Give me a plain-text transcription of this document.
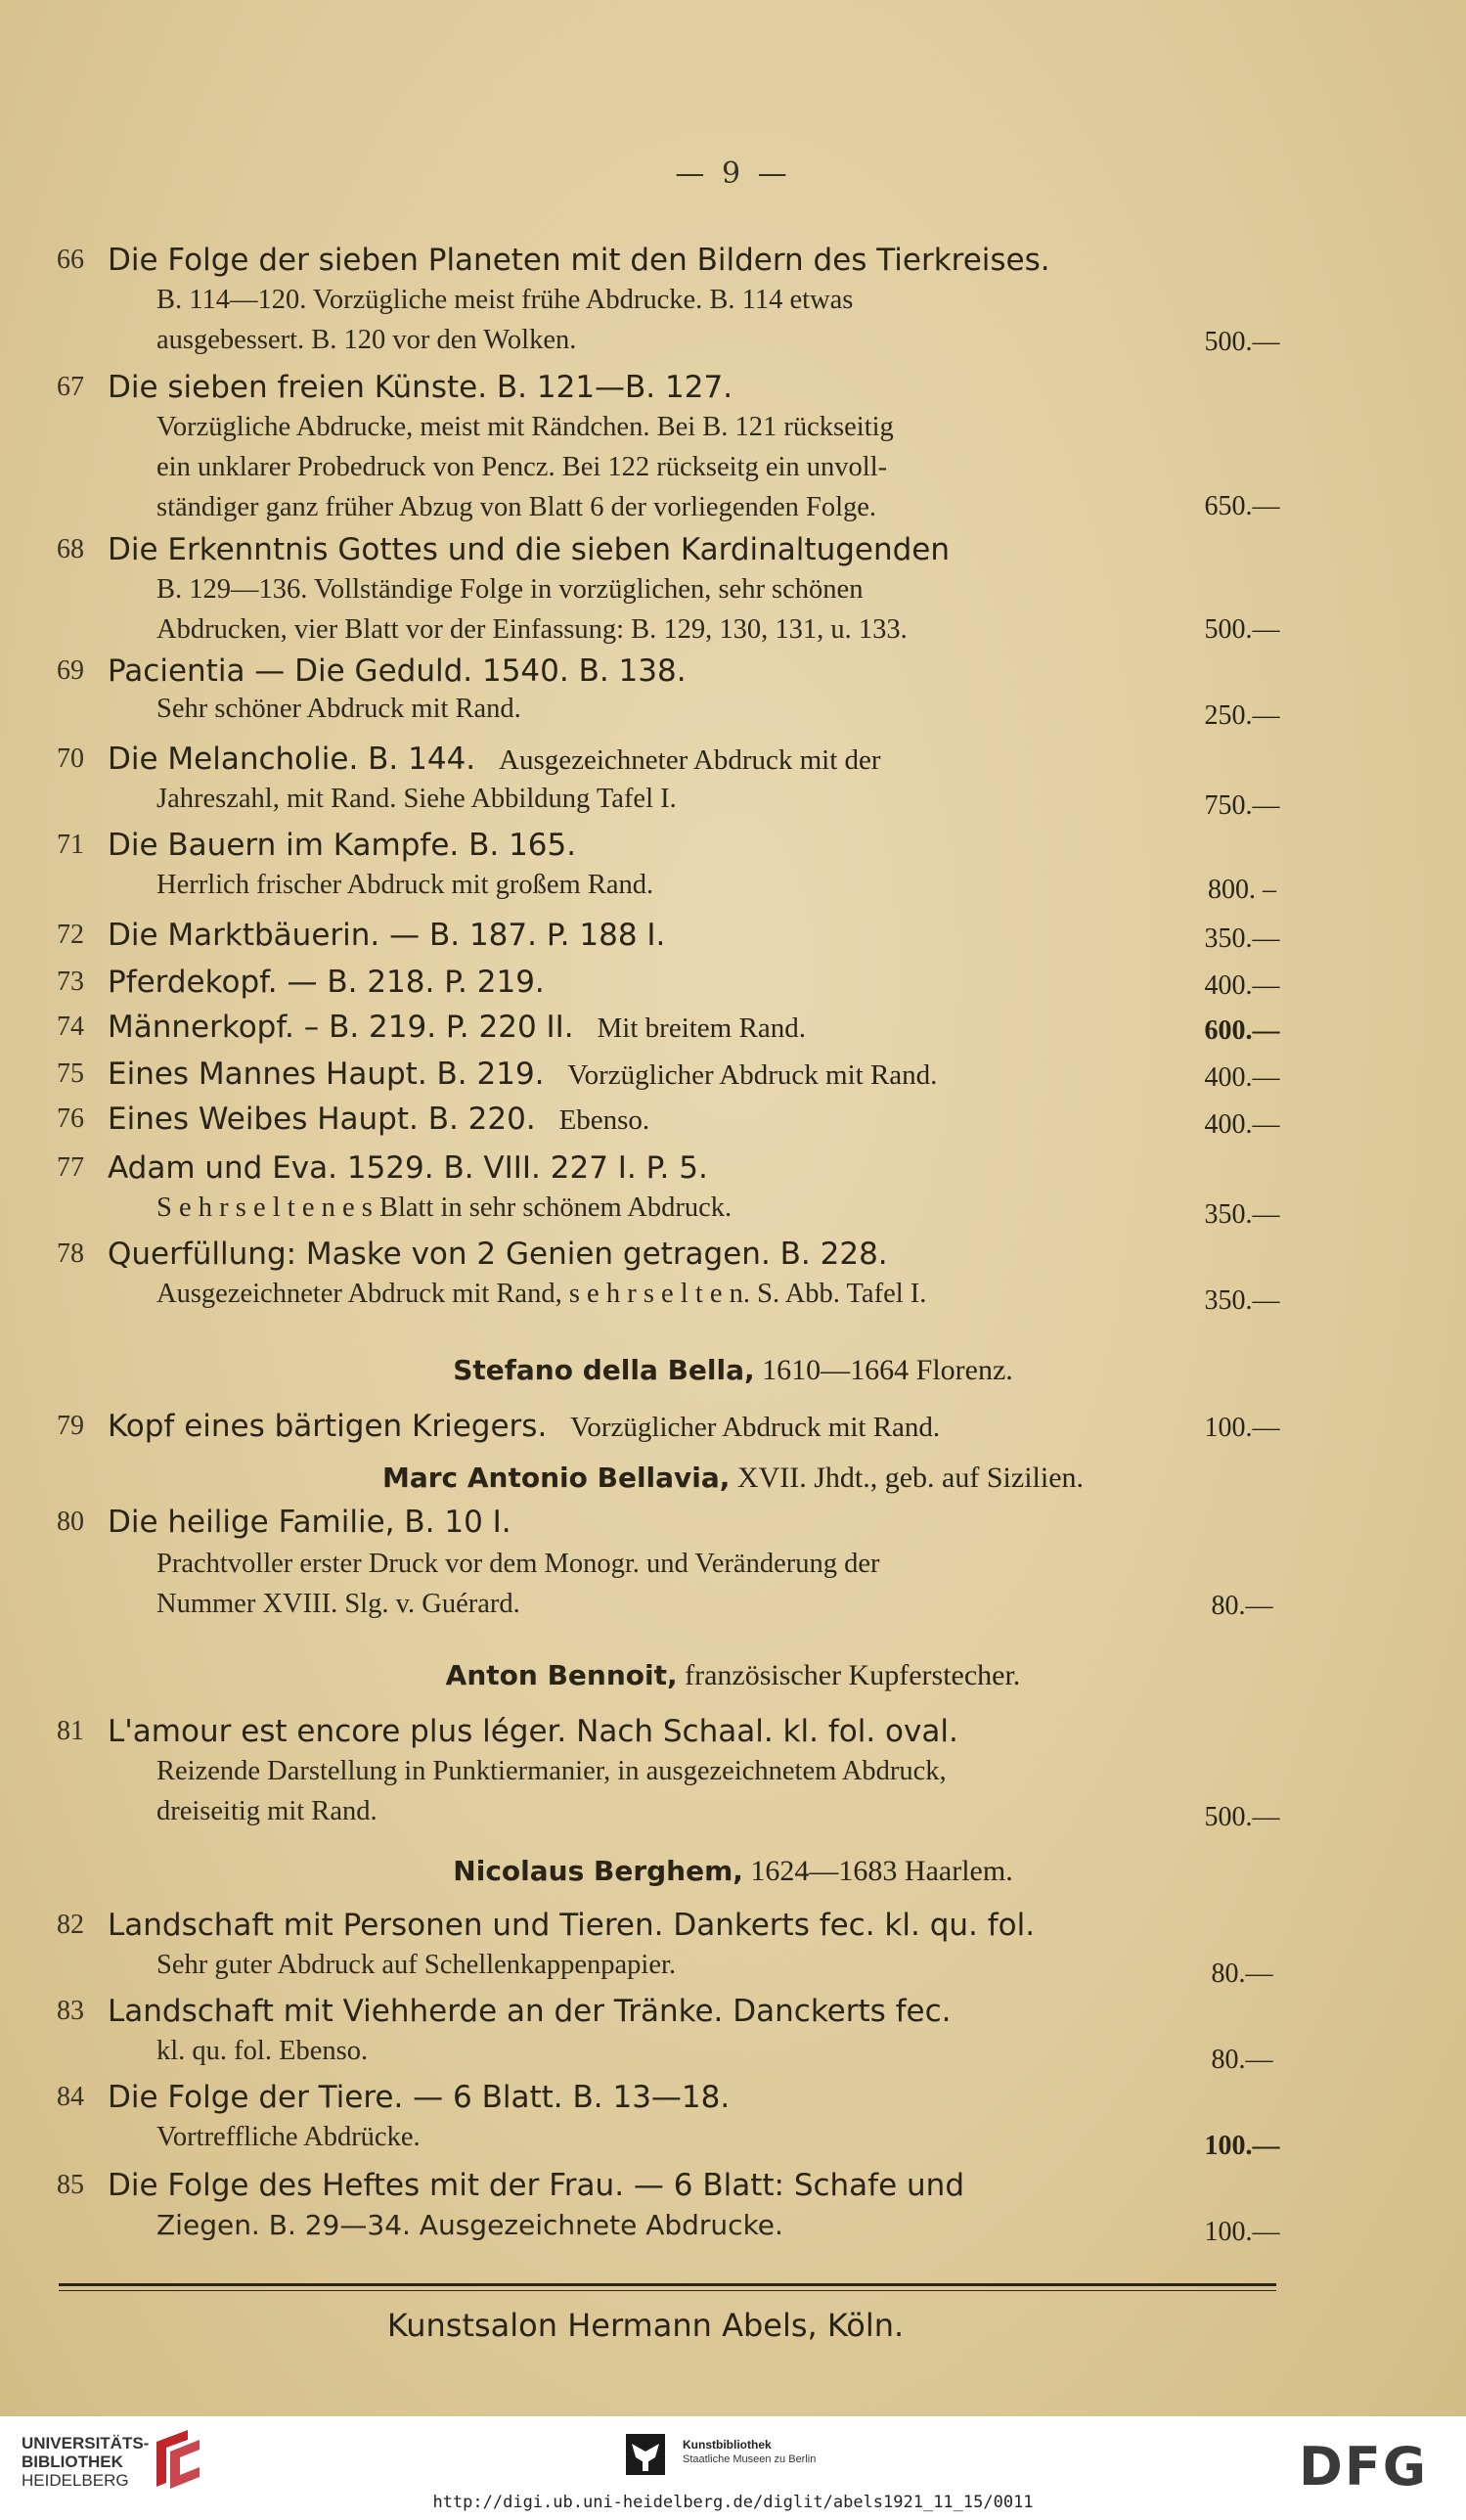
— 9 —
66 Die Folge der sieben Planeten mit den Bildern des Tierkreises.
B. 114—120. Vorzügliche meist frühe Abdrucke. B. 114 etwas
ausgebessert. B. 120 vor den Wolken.	500.—
67 Die sieben freien Künste. B. 121—B. 127.
Vorzügliche Abdrucke, meist mit Rändchen. Bei B. 121 rückseitig
ein unklarer Probedruck von Pencz. Bei 122 rückseitg ein unvoll-
ständiger ganz früher Abzug von Blatt 6 der vorliegenden Folge.	650.—
68 Die Erkenntnis Gottes und die sieben Kardinaltugenden
B. 129—136. Vollständige Folge in vorzüglichen, sehr schönen
Abdrucken, vier Blatt vor der Einfassung: B. 129, 130, 131, u. 133.	500.—
69 Pacientia — Die Geduld. 1540. B. 138.
Sehr schöner Abdruck mit Rand.	250.—
70 Die Melancholie. B. 144. Ausgezeichneter Abdruck mit der
Jahreszahl, mit Rand. Siehe Abbildung Tafel I.	750.—
71 Die Bauern im Kampfe. B. 165.
Herrlich frischer Abdruck mit großem Rand.	800. –
72 Die Marktbäuerin. — B. 187. P. 188 I.	350.—
73 Pferdekopf. — B. 218. P. 219.	400.—
74 Männerkopf. – B. 219. P. 220 II. Mit breitem Rand.	600.—
75 Eines Mannes Haupt. B. 219. Vorzüglicher Abdruck mit Rand.	400.—
76 Eines Weibes Haupt. B. 220. Ebenso.	400.—
77 Adam und Eva. 1529. B. VIII. 227 I. P. 5.
S e h r s e l t e n e s Blatt in sehr schönem Abdruck.	350.—
78 Querfüllung: Maske von 2 Genien getragen. B. 228.
Ausgezeichneter Abdruck mit Rand, s e h r s e l t e n. S. Abb. Tafel I.	350.—
Stefano della Bella, 1610—1664 Florenz.
79 Kopf eines bärtigen Kriegers. Vorzüglicher Abdruck mit Rand.	100.—
Marc Antonio Bellavia, XVII. Jhdt., geb. auf Sizilien.
80 Die heilige Familie, B. 10 I.
Prachtvoller erster Druck vor dem Monogr. und Veränderung der
Nummer XVIII. Slg. v. Guérard.	80.—
Anton Bennoit, französischer Kupferstecher.
81 L'amour est encore plus léger. Nach Schaal. kl. fol. oval.
Reizende Darstellung in Punktiermanier, in ausgezeichnetem Abdruck,
dreiseitig mit Rand.	500.—
Nicolaus Berghem, 1624—1683 Haarlem.
82 Landschaft mit Personen und Tieren. Dankerts fec. kl. qu. fol.
Sehr guter Abdruck auf Schellenkappenpapier.	80.—
83 Landschaft mit Viehherde an der Tränke. Danckerts fec.
kl. qu. fol. Ebenso.	80.—
84 Die Folge der Tiere. — 6 Blatt. B. 13—18.
Vortreffliche Abdrücke.	100.—
85 Die Folge des Heftes mit der Frau. — 6 Blatt: Schafe und
Ziegen. B. 29—34. Ausgezeichnete Abdrucke.	100.—
Kunstsalon Hermann Abels, Köln.
UNIVERSITÄTS-
BIBLIOTHEK
HEIDELBERG
Kunstbibliothek
Staatliche Museen zu Berlin	DFG
http://digi.ub.uni-heidelberg.de/diglit/abels1921_11_15/0011
